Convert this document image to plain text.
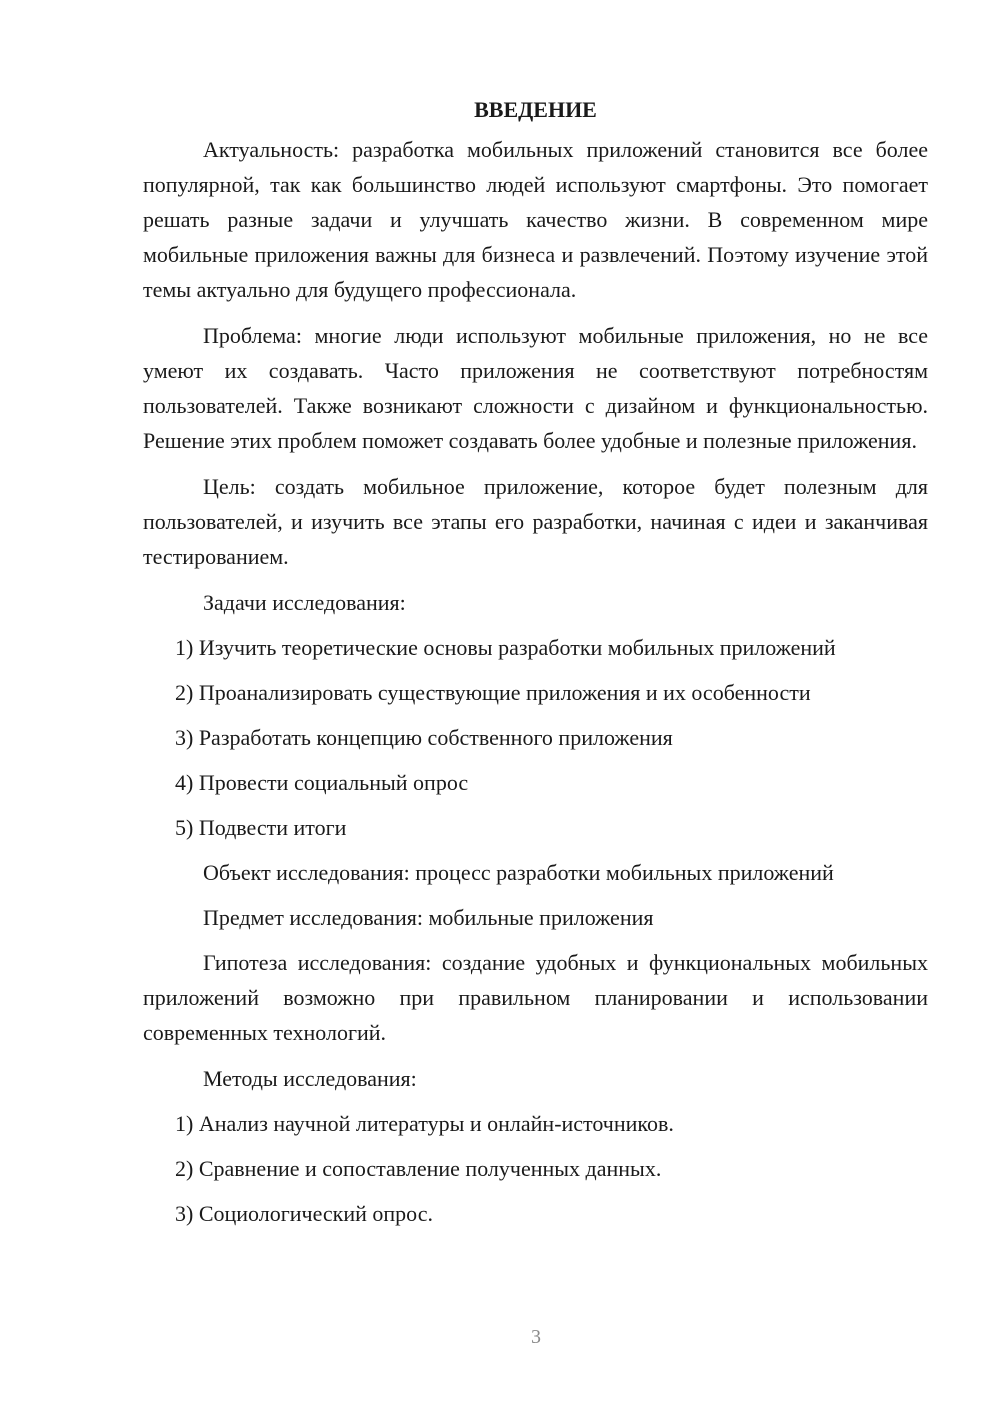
ВВЕДЕНИЕ

Актуальность: разработка мобильных приложений становится все более популярной, так как большинство людей используют смартфоны. Это помогает решать разные задачи и улучшать качество жизни. В современном мире мобильные приложения важны для бизнеса и развлечений. Поэтому изучение этой темы актуально для будущего профессионала.

Проблема: многие люди используют мобильные приложения, но не все умеют их создавать. Часто приложения не соответствуют потребностям пользователей. Также возникают сложности с дизайном и функциональностью. Решение этих проблем поможет создавать более удобные и полезные приложения.

Цель: создать мобильное приложение, которое будет полезным для пользователей, и изучить все этапы его разработки, начиная с идеи и заканчивая тестированием.

Задачи исследования:
1) Изучить теоретические основы разработки мобильных приложений
2) Проанализировать существующие приложения и их особенности
3) Разработать концепцию собственного приложения
4) Провести социальный опрос
5) Подвести итоги
Объект исследования: процесс разработки мобильных приложений
Предмет исследования: мобильные приложения

Гипотеза исследования: создание удобных и функциональных мобильных приложений возможно при правильном планировании и использовании современных технологий.

Методы исследования:
1) Анализ научной литературы и онлайн-источников.
2) Сравнение и сопоставление полученных данных.
3) Социологический опрос.
3
